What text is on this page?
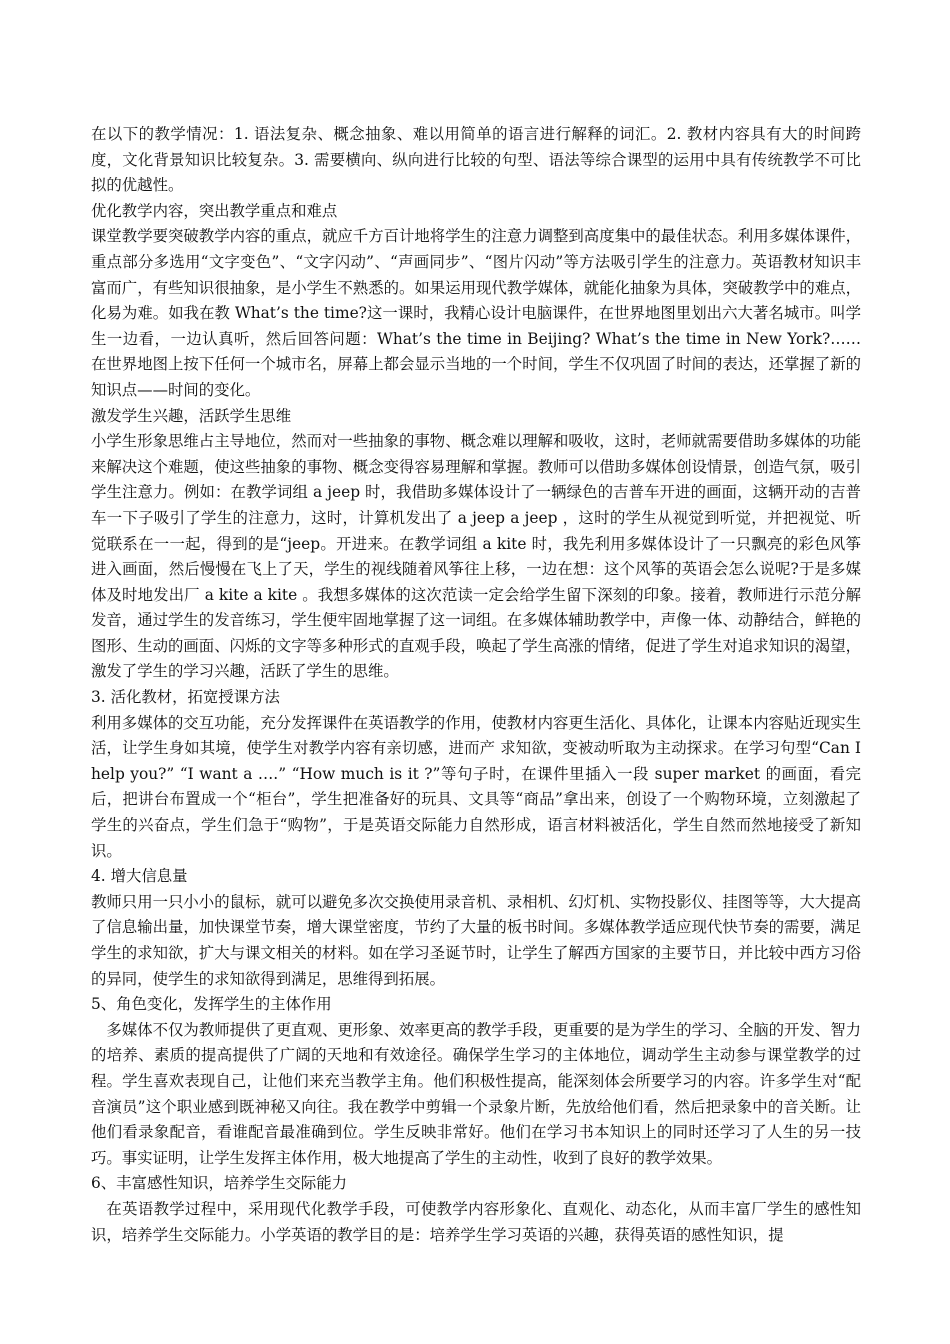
在以下的教学情况：1. 语法复杂、概念抽象、难以用简单的语言进行解释的词汇。2. 教材内容具有大的时间跨度，文化背景知识比较复杂。3. 需要横向、纵向进行比较的句型、语法等综合课型的运用中具有传统教学不可比拟的优越性。

优化教学内容，突出教学重点和难点

课堂教学要突破教学内容的重点，就应千方百计地将学生的注意力调整到高度集中的最佳状态。利用多媒体课件，重点部分多选用“文字变色”、“文字闪动”、“声画同步”、“图片闪动”等方法吸引学生的注意力。英语教材知识丰富而广，有些知识很抽象，是小学生不熟悉的。如果运用现代教学媒体，就能化抽象为具体，突破教学中的难点，化易为难。如我在教 What’s the time?这一课时，我精心设计电脑课件，在世界地图里划出六大著名城市。叫学生一边看，一边认真听，然后回答问题：What’s the time in Beijing? What’s the time in New York?……在世界地图上按下任何一个城市名，屏幕上都会显示当地的一个时间，学生不仅巩固了时间的表达，还掌握了新的知识点——时间的变化。

激发学生兴趣，活跃学生思维

小学生形象思维占主导地位，然而对一些抽象的事物、概念难以理解和吸收，这时，老师就需要借助多媒体的功能来解决这个难题，使这些抽象的事物、概念变得容易理解和掌握。教师可以借助多媒体创设情景，创造气氛，吸引学生注意力。例如：在教学词组 a jeep 时，我借助多媒体设计了一辆绿色的吉普车开进的画面，这辆开动的吉普车一下子吸引了学生的注意力，这时，计算机发出了 a jeep a jeep ，这时的学生从视觉到听觉，并把视觉、听觉联系在一一起，得到的是“jeep。开进来。在教学词组 a kite 时，我先利用多媒体设计了一只飘亮的彩色风筝进入画面，然后慢慢在飞上了天，学生的视线随着风筝往上移，一边在想：这个风筝的英语会怎么说呢?于是多媒体及时地发出厂 a kite a kite 。我想多媒体的这次范读一定会给学生留下深刻的印象。接着，教师进行示范分解发音，通过学生的发音练习，学生便牢固地掌握了这一词组。在多媒体辅助教学中，声像一体、动静结合，鲜艳的图形、生动的画面、闪烁的文字等多种形式的直观手段，唤起了学生高涨的情绪，促进了学生对追求知识的渴望，激发了学生的学习兴趣，活跃了学生的思维。

3. 活化教材，拓宽授课方法

利用多媒体的交互功能，充分发挥课件在英语教学的作用，使教材内容更生活化、具体化，让课本内容贴近现实生活，让学生身如其境，使学生对教学内容有亲切感，进而产 求知欲，变被动听取为主动探求。在学习句型“Can I help you?” “I want a ….” “How much is it ?”等句子时，在课件里插入一段 super market 的画面，看完后，把讲台布置成一个“柜台”，学生把准备好的玩具、文具等“商品”拿出来，创设了一个购物环境，立刻激起了学生的兴奋点，学生们急于“购物”，于是英语交际能力自然形成，语言材料被活化，学生自然而然地接受了新知识。

4. 增大信息量

教师只用一只小小的鼠标，就可以避免多次交换使用录音机、录相机、幻灯机、实物投影仪、挂图等等，大大提高了信息输出量，加快课堂节奏，增大课堂密度，节约了大量的板书时间。多媒体教学适应现代快节奏的需要，满足学生的求知欲，扩大与课文相关的材料。如在学习圣诞节时，让学生了解西方国家的主要节日，并比较中西方习俗的异同，使学生的求知欲得到满足，思维得到拓展。

5、角色变化，发挥学生的主体作用

多媒体不仅为教师提供了更直观、更形象、效率更高的教学手段，更重要的是为学生的学习、全脑的开发、智力的培养、素质的提高提供了广阔的天地和有效途径。确保学生学习的主体地位，调动学生主动参与课堂教学的过程。学生喜欢表现自己，让他们来充当教学主角。他们积极性提高，能深刻体会所要学习的内容。许多学生对“配音演员”这个职业感到既神秘又向往。我在教学中剪辑一个录象片断，先放给他们看，然后把录象中的音关断。让他们看录象配音，看谁配音最准确到位。学生反映非常好。他们在学习书本知识上的同时还学习了人生的另一技巧。事实证明，让学生发挥主体作用，极大地提高了学生的主动性，收到了良好的教学效果。

6、丰富感性知识，培养学生交际能力

在英语教学过程中，采用现代化教学手段，可使教学内容形象化、直观化、动态化，从而丰富厂学生的感性知识，培养学生交际能力。小学英语的教学目的是：培养学生学习英语的兴趣，获得英语的感性知识，提
